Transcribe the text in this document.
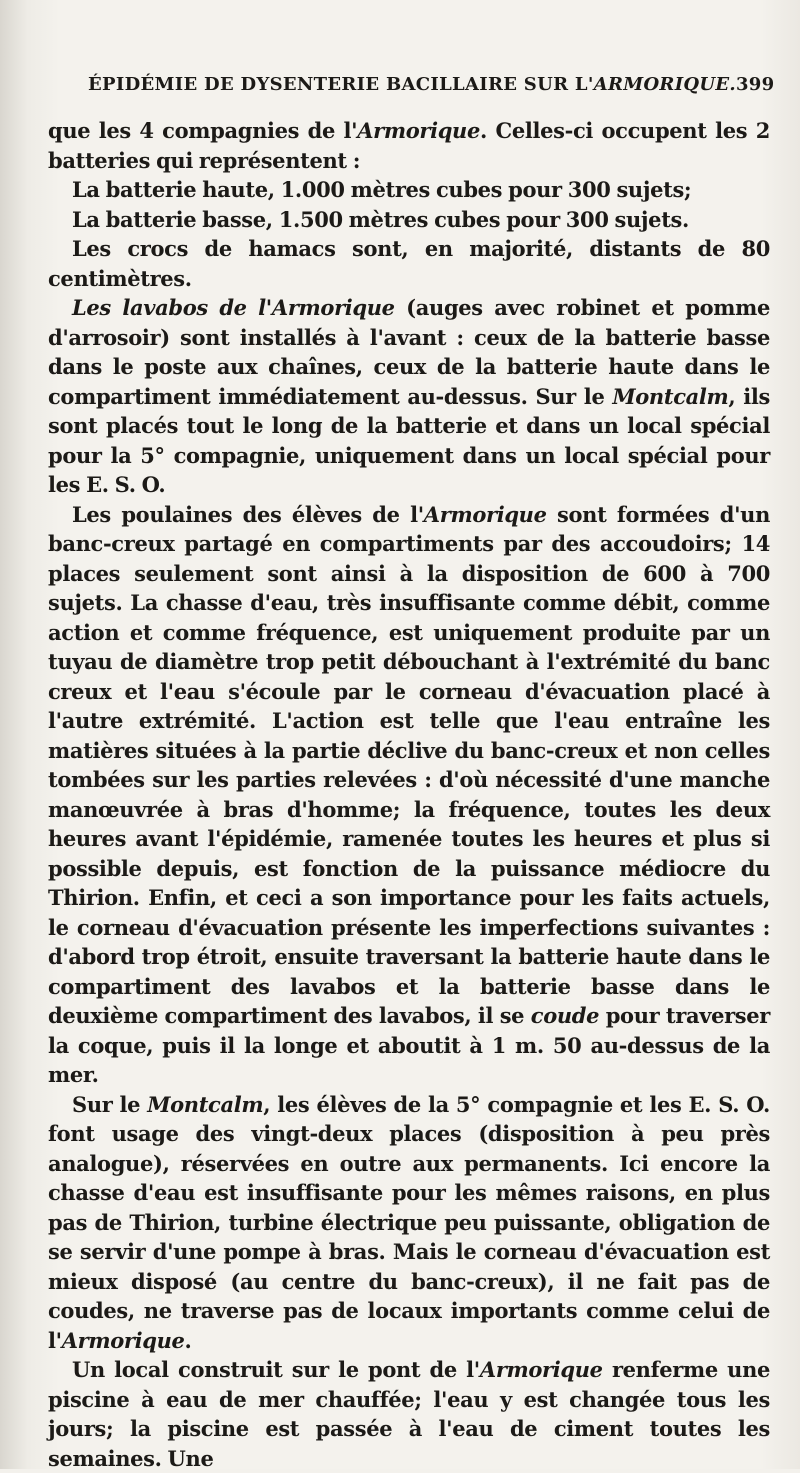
ÉPIDÉMIE DE DYSENTERIE BACILLAIRE SUR L'ARMORIQUE. 399

que les 4 compagnies de l'Armorique. Celles-ci occupent les 2 batteries qui représentent :

La batterie haute, 1.000 mètres cubes pour 300 sujets;

La batterie basse, 1.500 mètres cubes pour 300 sujets.

Les crocs de hamacs sont, en majorité, distants de 80 centimètres.

Les lavabos de l'Armorique (auges avec robinet et pomme d'arrosoir) sont installés à l'avant : ceux de la batterie basse dans le poste aux chaînes, ceux de la batterie haute dans le compartiment immédiatement au-dessus. Sur le Montcalm, ils sont placés tout le long de la batterie et dans un local spécial pour la 5° compagnie, uniquement dans un local spécial pour les E. S. O.

Les poulaines des élèves de l'Armorique sont formées d'un banc-creux partagé en compartiments par des accoudoirs; 14 places seulement sont ainsi à la disposition de 600 à 700 sujets. La chasse d'eau, très insuffisante comme débit, comme action et comme fréquence, est uniquement produite par un tuyau de diamètre trop petit débouchant à l'extrémité du banc creux et l'eau s'écoule par le corneau d'évacuation placé à l'autre extrémité. L'action est telle que l'eau entraîne les matières situées à la partie déclive du banc-creux et non celles tombées sur les parties relevées : d'où nécessité d'une manche manœuvrée à bras d'homme; la fréquence, toutes les deux heures avant l'épidémie, ramenée toutes les heures et plus si possible depuis, est fonction de la puissance médiocre du Thirion. Enfin, et ceci a son importance pour les faits actuels, le corneau d'évacuation présente les imperfections suivantes : d'abord trop étroit, ensuite traversant la batterie haute dans le compartiment des lavabos et la batterie basse dans le deuxième compartiment des lavabos, il se coude pour traverser la coque, puis il la longe et aboutit à 1 m. 50 au-dessus de la mer.

Sur le Montcalm, les élèves de la 5° compagnie et les E. S. O. font usage des vingt-deux places (disposition à peu près analogue), réservées en outre aux permanents. Ici encore la chasse d'eau est insuffisante pour les mêmes raisons, en plus pas de Thirion, turbine électrique peu puissante, obligation de se servir d'une pompe à bras. Mais le corneau d'évacuation est mieux disposé (au centre du banc-creux), il ne fait pas de coudes, ne traverse pas de locaux importants comme celui de l'Armorique.

Un local construit sur le pont de l'Armorique renferme une piscine à eau de mer chauffée; l'eau y est changée tous les jours; la piscine est passée à l'eau de ciment toutes les semaines. Une
